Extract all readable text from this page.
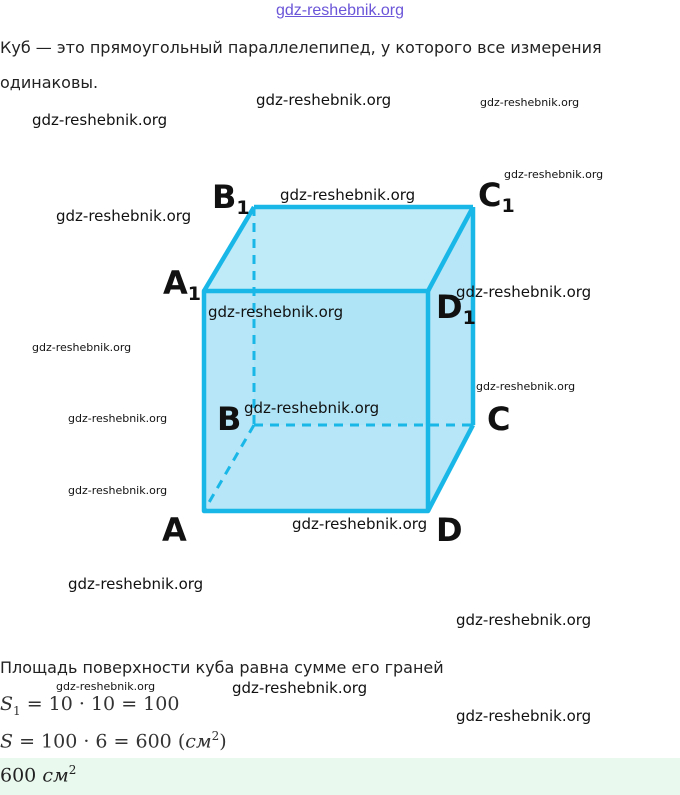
gdz-reshebnik.org
Куб — это прямоугольный параллелепипед, у которого все измерения одинаковы.
gdz-reshebnik.org	gdz-reshebnik.org
gdz-reshebnik.org
gdz-reshebnik.org
gdz-reshebnik.org
gdz-reshebnik.org
gdz-reshebnik.org
gdz-reshebnik.org
gdz-reshebnik.org
gdz-reshebnik.org
gdz-reshebnik.org
gdz-reshebnik.org	gdz-reshebnik.org
gdz-reshebnik.org
B1	C1
A1	D1
B	C
A	D
gdz-reshebnik.org
gdz-reshebnik.org
gdz-reshebnik.org
gdz-reshebnik.org
gdz-reshebnik.org
Площадь поверхности куба равна сумме его граней
$S_1 = 10 \cdot 10 = 100$
S = 100 · 6 = 600 $(см^2)$
600 $см^2$
